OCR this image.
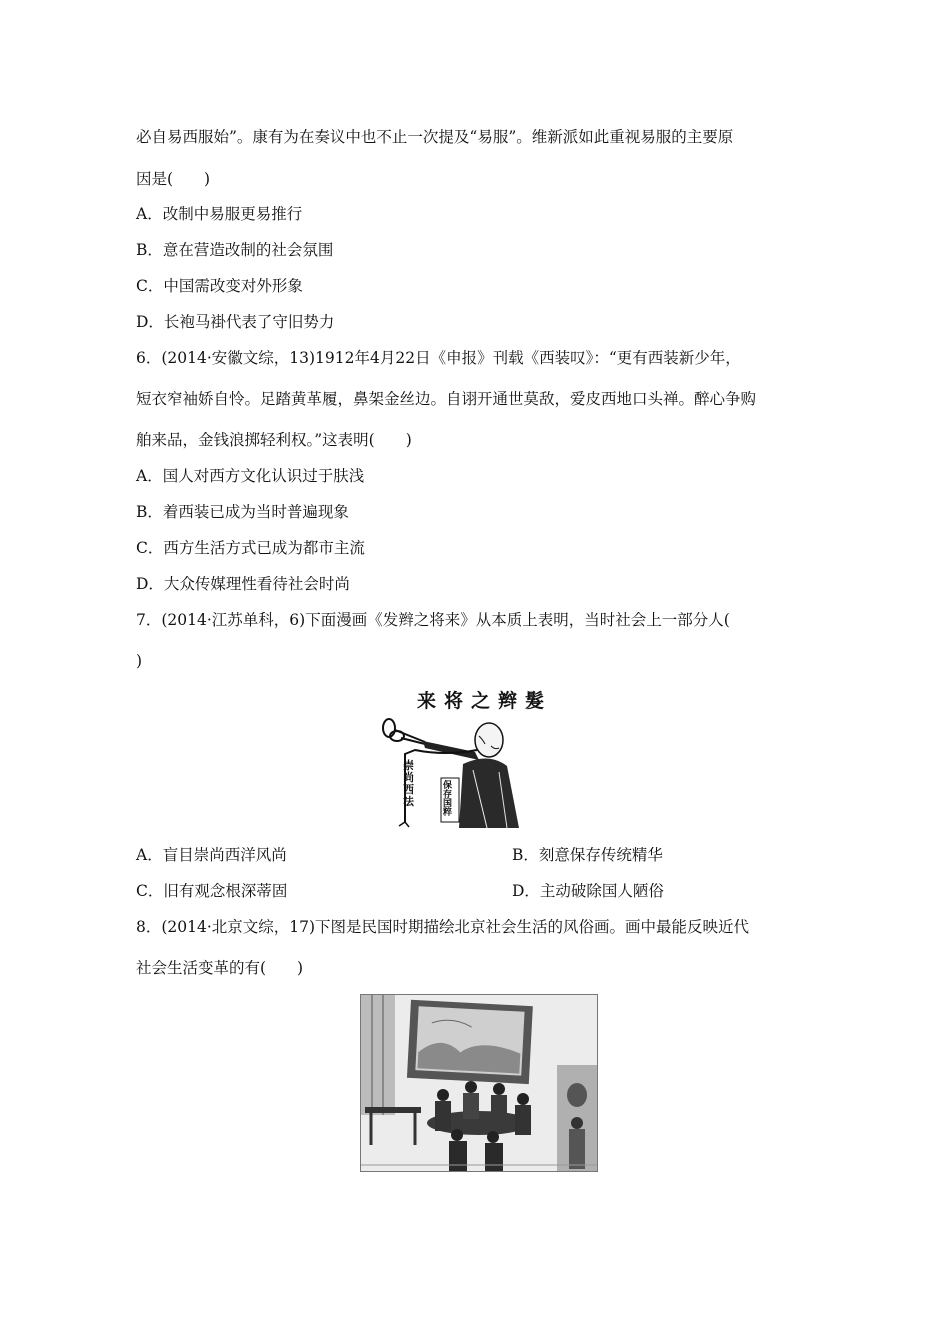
必自易西服始”。康有为在奏议中也不止一次提及“易服”。维新派如此重视易服的主要原
因是(　　)
A．改制中易服更易推行
B．意在营造改制的社会氛围
C．中国需改变对外形象
D．长袍马褂代表了守旧势力
6．(2014·安徽文综，13)1912年4月22日《申报》刊载《西装叹》：“更有西装新少年，
短衣窄袖娇自怜。足踏黄革履，鼻架金丝边。自诩开通世莫敌，爱皮西地口头禅。醉心争购
舶来品，金钱浪掷轻利权。”这表明(　　)
A．国人对西方文化认识过于肤浅
B．着西装已成为当时普遍现象
C．西方生活方式已成为都市主流
D．大众传媒理性看待社会时尚
7．(2014·江苏单科，6)下面漫画《发辫之将来》从本质上表明，当时社会上一部分人(
)
来将之辫髮
崇尚西法
保存国粹
A．盲目崇尚西洋风尚	B．刻意保存传统精华
C．旧有观念根深蒂固	D．主动破除国人陋俗
8．(2014·北京文综，17)下图是民国时期描绘北京社会生活的风俗画。画中最能反映近代
社会生活变革的有(　　)
